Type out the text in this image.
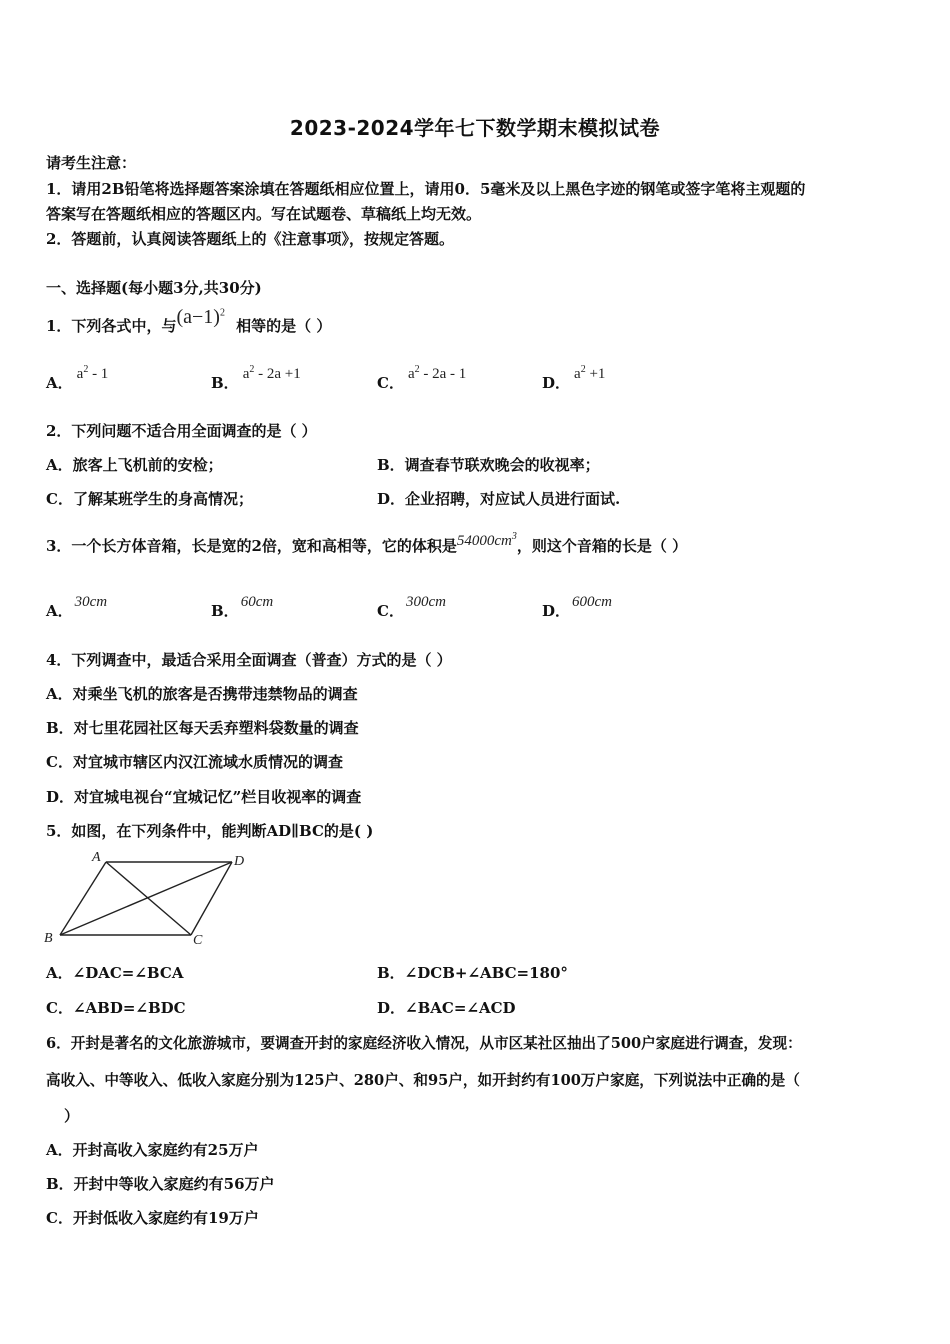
2023-2024学年七下数学期末模拟试卷
请考生注意：
1．请用2B铅笔将选择题答案涂填在答题纸相应位置上，请用0．5毫米及以上黑色字迹的钢笔或签字笔将主观题的
答案写在答题纸相应的答题区内。写在试题卷、草稿纸上均无效。
2．答题前，认真阅读答题纸上的《注意事项》，按规定答题。
一、选择题(每小题3分,共30分)
1．下列各式中，与$(a-1)^2$ 相等的是（ ）
A． $a^2 - 1$	B． $a^2 - 2a +1$	C． $a^2 - 2a - 1$	D． $a^2 +1$
2．下列问题不适合用全面调查的是（ ）
A．旅客上飞机前的安检；	B．调查春节联欢晚会的收视率；
C．了解某班学生的身高情况；	D．企业招聘，对应试人员进行面试.
3．一个长方体音箱，长是宽的2倍，宽和高相等，它的体积是$54000cm^3$，则这个音箱的长是（ ）
A． 30cm	B． 60cm	C． 300cm	D． 600cm
4．下列调查中，最适合采用全面调查（普查）方式的是（ ）
A．对乘坐飞机的旅客是否携带违禁物品的调查
B．对七里花园社区每天丢弃塑料袋数量的调查
C．对宜城市辖区内汉江流域水质情况的调查
D．对宜城电视台“宜城记忆”栏目收视率的调查
5．如图，在下列条件中，能判断AD∥BC的是( )
A	D
B	C
A．∠DAC=∠BCA	B．∠DCB+∠ABC=180°
C．∠ABD=∠BDC	D．∠BAC=∠ACD
6．开封是著名的文化旅游城市，要调查开封的家庭经济收入情况，从市区某社区抽出了500户家庭进行调查，发现：
高收入、中等收入、低收入家庭分别为125户、280户、和95户，如开封约有100万户家庭，下列说法中正确的是（
）
A．开封高收入家庭约有25万户
B．开封中等收入家庭约有56万户
C．开封低收入家庭约有19万户
